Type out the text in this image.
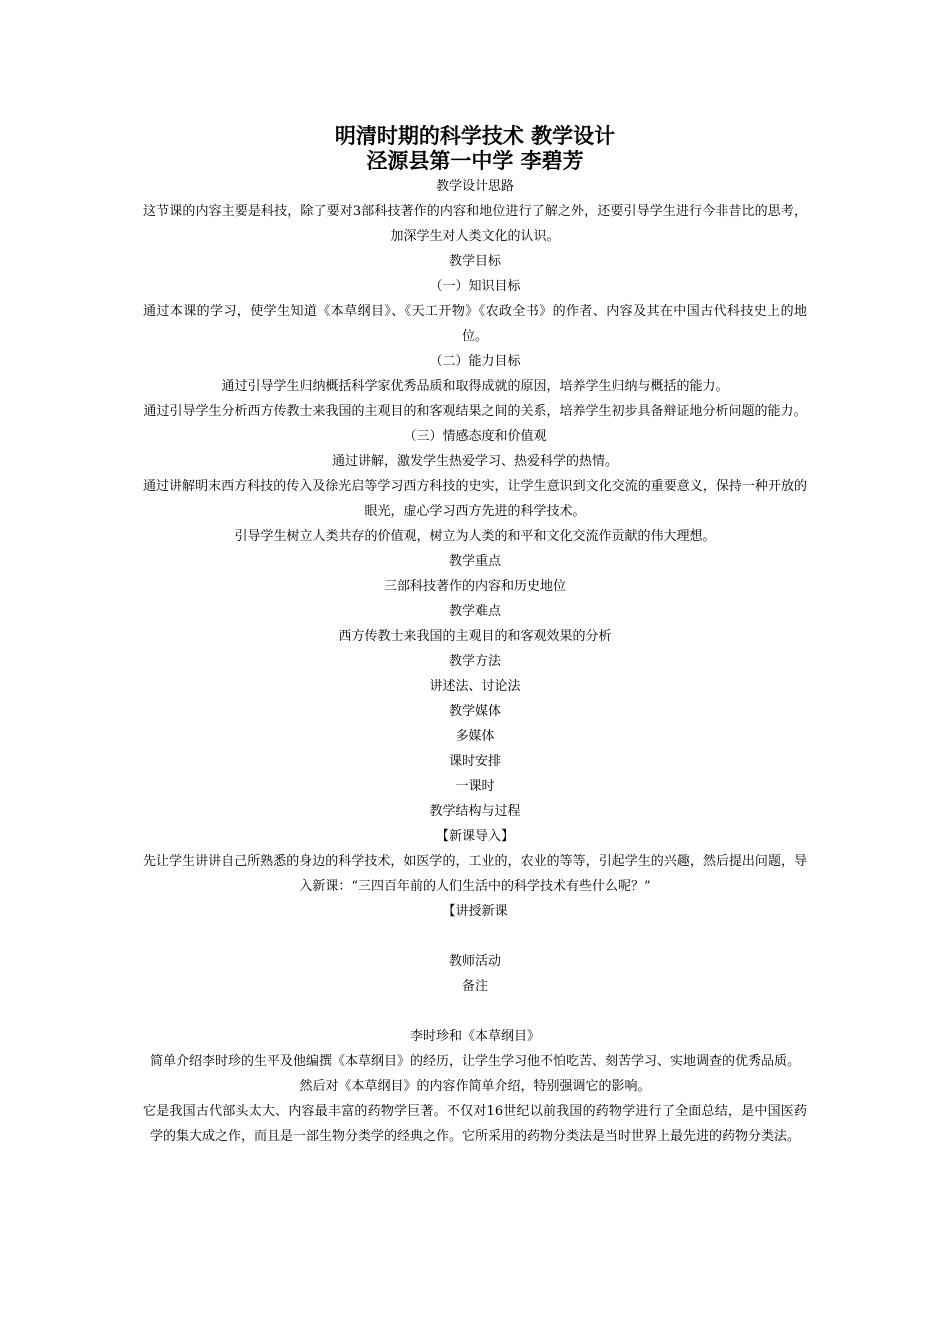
明清时期的科学技术 教学设计

泾源县第一中学 李碧芳

教学设计思路

这节课的内容主要是科技，除了要对3部科技著作的内容和地位进行了解之外，还要引导学生进行今非昔比的思考，加深学生对人类文化的认识。

教学目标

（一）知识目标

通过本课的学习，使学生知道《本草纲目》、《天工开物》《农政全书》的作者、内容及其在中国古代科技史上的地位。

（二）能力目标

通过引导学生归纳概括科学家优秀品质和取得成就的原因，培养学生归纳与概括的能力。

通过引导学生分析西方传教士来我国的主观目的和客观结果之间的关系，培养学生初步具备辩证地分析问题的能力。

（三）情感态度和价值观

通过讲解，激发学生热爱学习、热爱科学的热情。

通过讲解明末西方科技的传入及徐光启等学习西方科技的史实，让学生意识到文化交流的重要意义，保持一种开放的眼光，虚心学习西方先进的科学技术。

引导学生树立人类共存的价值观，树立为人类的和平和文化交流作贡献的伟大理想。

教学重点

三部科技著作的内容和历史地位

教学难点

西方传教士来我国的主观目的和客观效果的分析

教学方法

讲述法、讨论法

教学媒体

多媒体

课时安排

一课时

教学结构与过程

【新课导入】

先让学生讲讲自己所熟悉的身边的科学技术，如医学的，工业的，农业的等等，引起学生的兴趣，然后提出问题，导入新课：“三四百年前的人们生活中的科学技术有些什么呢？”

【讲授新课

教师活动

备注

李时珍和《本草纲目》

简单介绍李时珍的生平及他编撰《本草纲目》的经历，让学生学习他不怕吃苦、刻苦学习、实地调查的优秀品质。

然后对《本草纲目》的内容作简单介绍，特别强调它的影响。

它是我国古代部头太大、内容最丰富的药物学巨著。不仅对16世纪以前我国的药物学进行了全面总结，是中国医药学的集大成之作，而且是一部生物分类学的经典之作。它所采用的药物分类法是当时世界上最先进的药物分类法。
